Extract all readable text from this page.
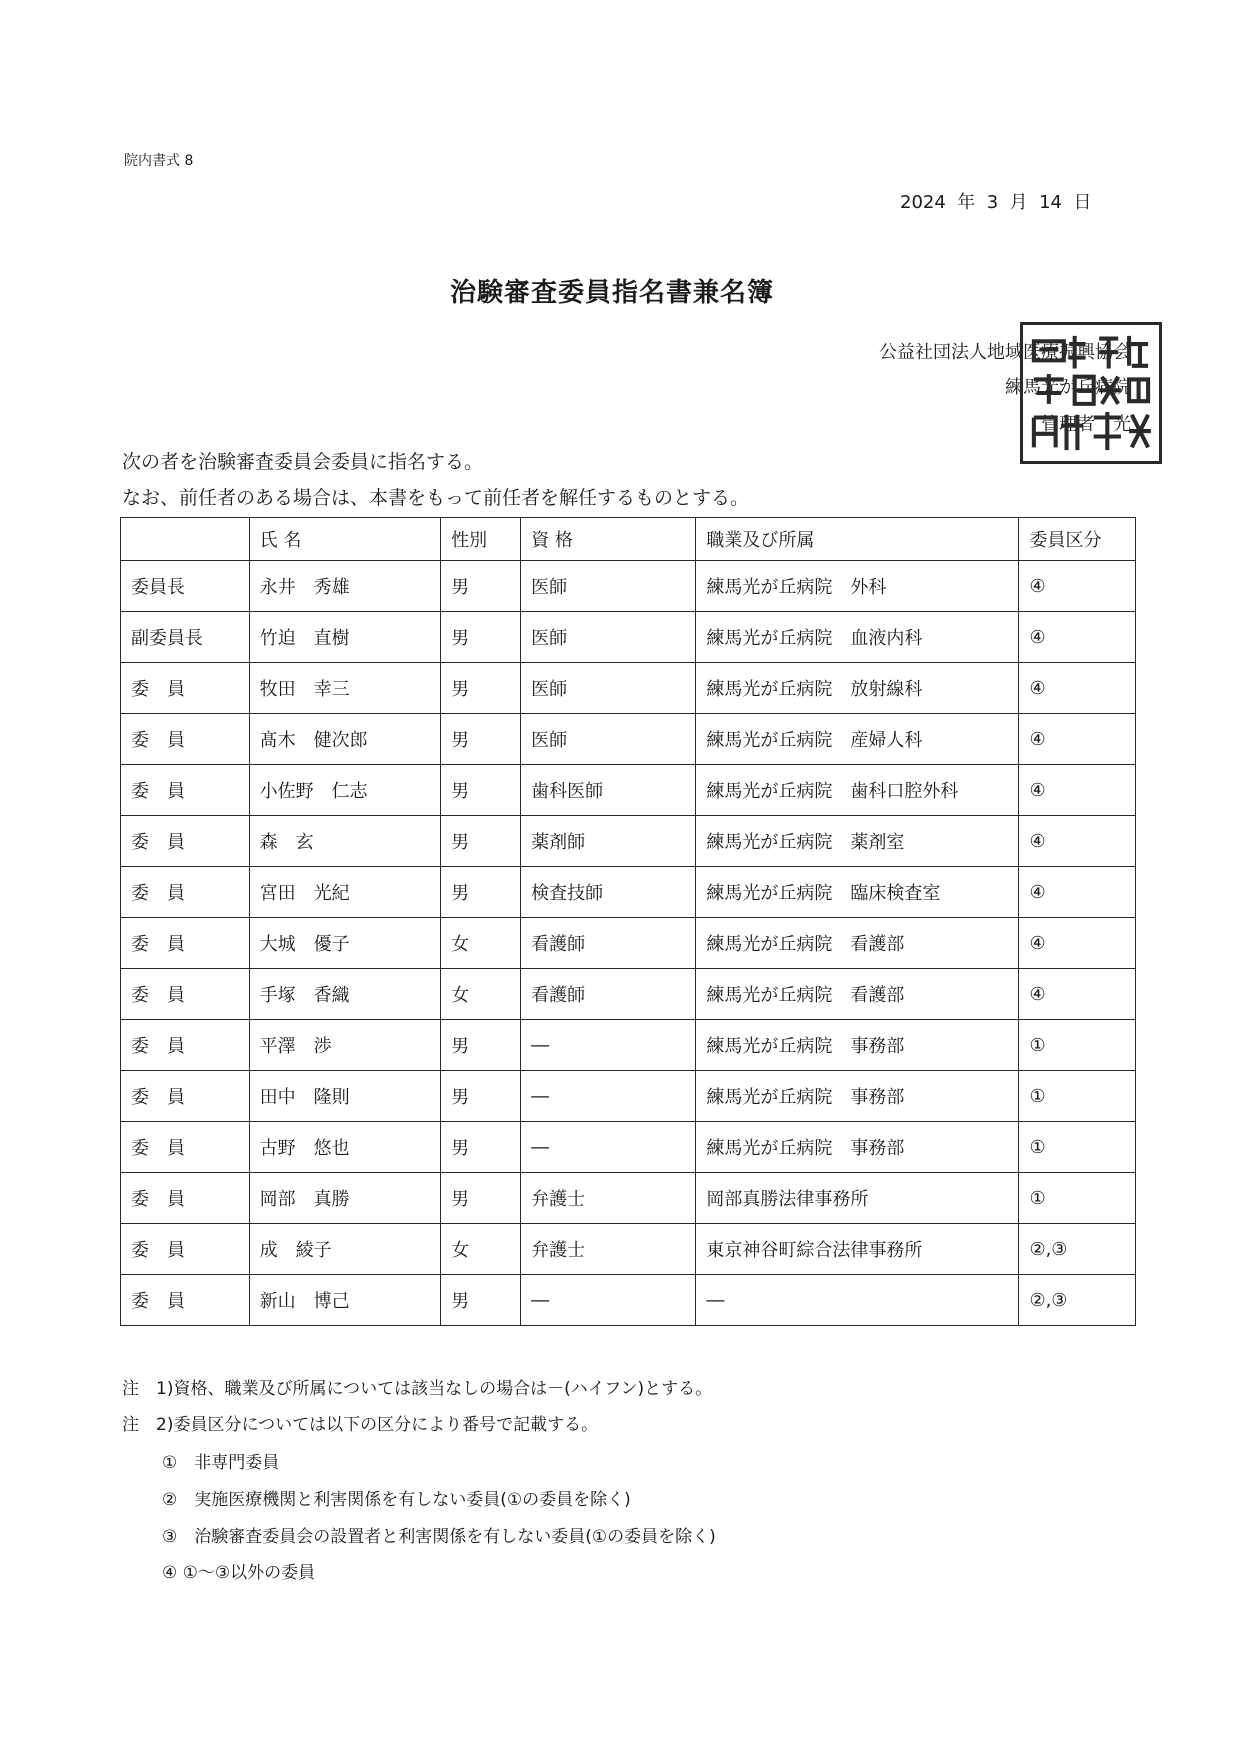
院内書式 8
2024 年 3 月 14 日
治験審査委員指名書兼名簿
公益社団法人地域医療振興協会
練馬光が丘病院
管理者　光
次の者を治験審査委員会委員に指名する。
なお、前任者のある場合は、本書をもって前任者を解任するものとする。
	氏 名	性別	資 格	職業及び所属	委員区分
委員長	永井　秀雄	男	医師	練馬光が丘病院　外科	④
副委員長	竹迫　直樹	男	医師	練馬光が丘病院　血液内科	④
委　員	牧田　幸三	男	医師	練馬光が丘病院　放射線科	④
委　員	髙木　健次郎	男	医師	練馬光が丘病院　産婦人科	④
委　員	小佐野　仁志	男	歯科医師	練馬光が丘病院　歯科口腔外科	④
委　員	森　玄	男	薬剤師	練馬光が丘病院　薬剤室	④
委　員	宮田　光紀	男	検査技師	練馬光が丘病院　臨床検査室	④
委　員	大城　優子	女	看護師	練馬光が丘病院　看護部	④
委　員	手塚　香織	女	看護師	練馬光が丘病院　看護部	④
委　員	平澤　渉	男	―	練馬光が丘病院　事務部	①
委　員	田中　隆則	男	―	練馬光が丘病院　事務部	①
委　員	古野　悠也	男	―	練馬光が丘病院　事務部	①
委　員	岡部　真勝	男	弁護士	岡部真勝法律事務所	①
委　員	成　綾子	女	弁護士	東京神谷町綜合法律事務所	②,③
委　員	新山　博己	男	―	―	②,③
注　1)資格、職業及び所属については該当なしの場合は－(ハイフン)とする。
注　2)委員区分については以下の区分により番号で記載する。
①　非専門委員
②　実施医療機関と利害関係を有しない委員(①の委員を除く)
③　治験審査委員会の設置者と利害関係を有しない委員(①の委員を除く)
④ ①～③以外の委員
